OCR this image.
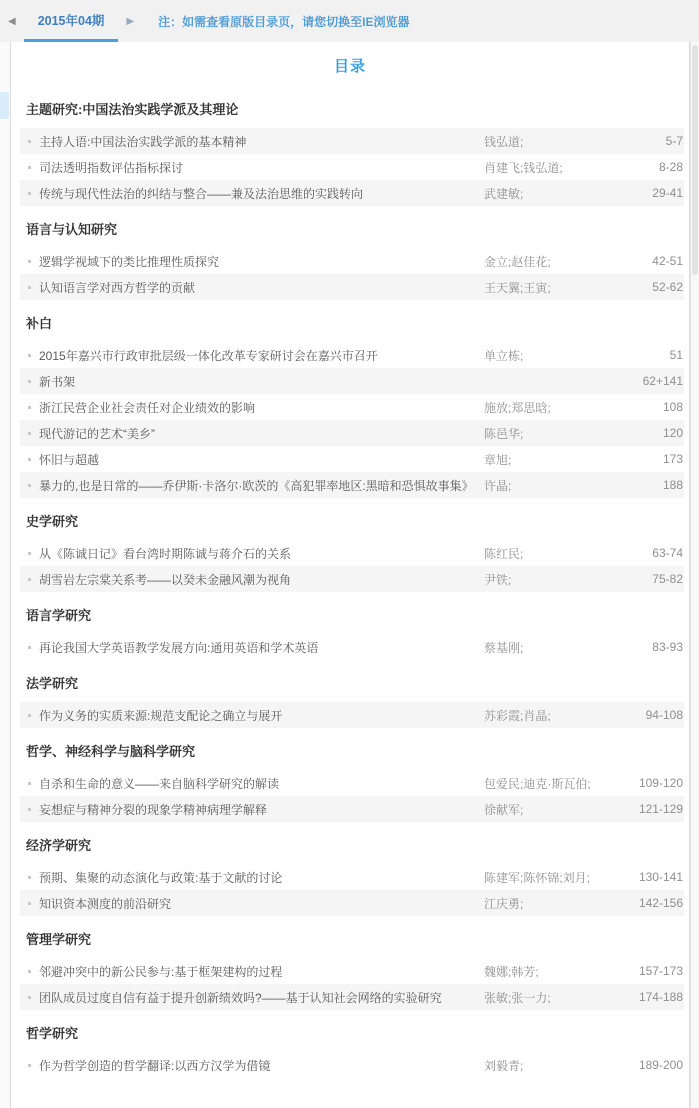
◀ 2015年04期 ▶ 注：如需查看原版目录页，请您切换至IE浏览器
目录
主题研究:中国法治实践学派及其理论
主持人语:中国法治实践学派的基本精神	钱弘道;	5-7
司法透明指数评估指标探讨	肖建飞;钱弘道;	8-28
传统与现代性法治的纠结与整合——兼及法治思维的实践转向	武建敏;	29-41
语言与认知研究
逻辑学视域下的类比推理性质探究	金立;赵佳花;	42-51
认知语言学对西方哲学的贡献	王天翼;王寅;	52-62
补白
2015年嘉兴市行政审批层级一体化改革专家研讨会在嘉兴市召开	单立栋;	51
新书架	62+141
浙江民营企业社会责任对企业绩效的影响	施放;郑思晗;	108
现代游记的艺术“美乡”	陈邑华;	120
怀旧与超越	章旭;	173
暴力的,也是日常的——乔伊斯·卡洛尔·欧茨的《高犯罪率地区:黑暗和恐惧故事集》 许晶;	188
史学研究
从《陈诚日记》看台湾时期陈诚与蒋介石的关系	陈红民;	63-74
胡雪岩左宗棠关系考——以癸未金融风潮为视角	尹铁;	75-82
语言学研究
再论我国大学英语教学发展方向:通用英语和学术英语	蔡基刚;	83-93
法学研究
作为义务的实质来源:规范支配论之确立与展开	苏彩霞;肖晶;	94-108
哲学、神经科学与脑科学研究
自杀和生命的意义——来自脑科学研究的解读	包爱民;迪克·斯瓦伯;	109-120
妄想症与精神分裂的现象学精神病理学解释	徐献军;	121-129
经济学研究
预期、集聚的动态演化与政策:基于文献的讨论	陈建军;陈怀锦;刘月;	130-141
知识资本测度的前沿研究	江庆勇;	142-156
管理学研究
邻避冲突中的新公民参与:基于框架建构的过程	魏娜;韩芳;	157-173
团队成员过度自信有益于提升创新绩效吗?——基于认知社会网络的实验研究	张敏;张一力;	174-188
哲学研究
作为哲学创造的哲学翻译:以西方汉学为借镜	刘毅青;	189-200
